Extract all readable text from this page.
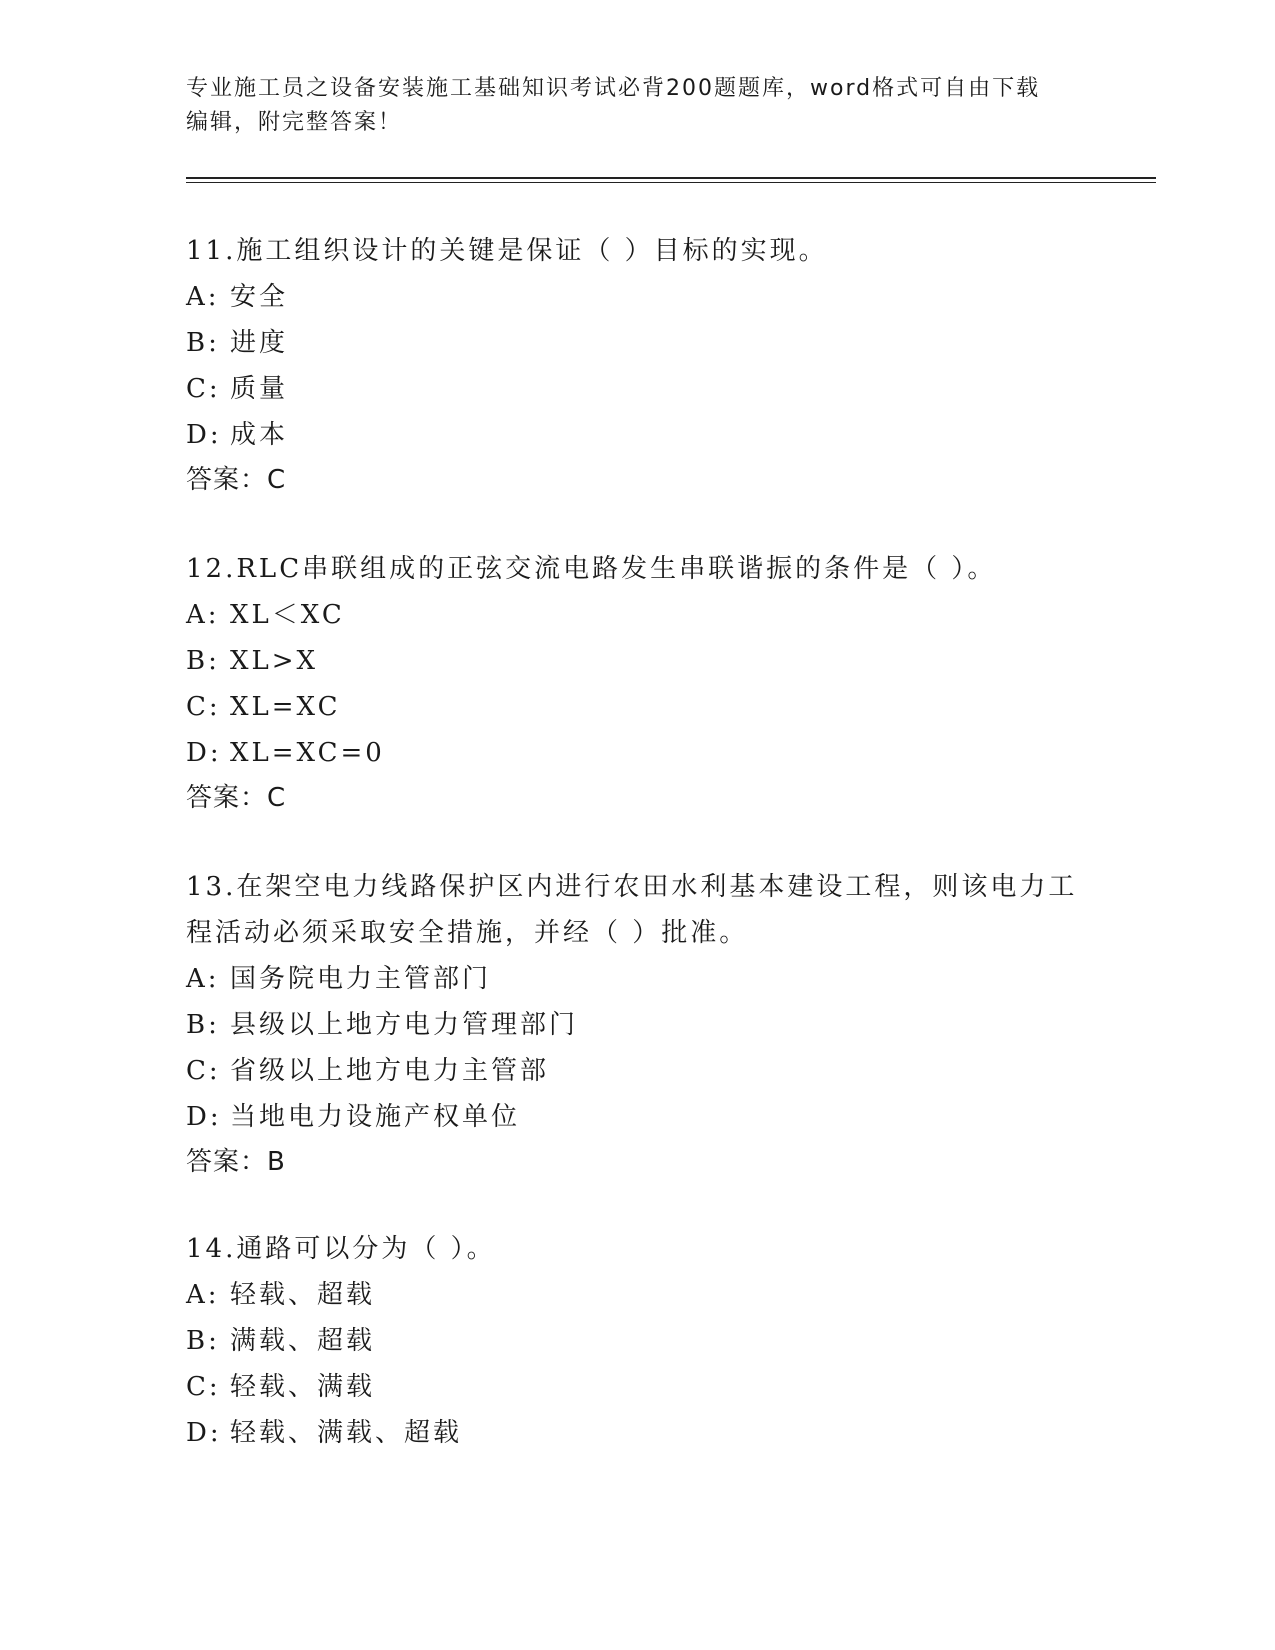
专业施工员之设备安装施工基础知识考试必背200题题库，word格式可自由下载
编辑，附完整答案！
11.施工组织设计的关键是保证（ ）目标的实现。
A: 安全
B: 进度
C: 质量
D: 成本
答案：C
12.RLC串联组成的正弦交流电路发生串联谐振的条件是（ ）。
A: XL＜XC
B: XL>X
C: XL=XC
D: XL=XC=0
答案：C
13.在架空电力线路保护区内进行农田水利基本建设工程，则该电力工
程活动必须采取安全措施，并经（ ）批准。
A: 国务院电力主管部门
B: 县级以上地方电力管理部门
C: 省级以上地方电力主管部
D: 当地电力设施产权单位
答案：B
14.通路可以分为（ ）。
A: 轻载、超载
B: 满载、超载
C: 轻载、满载
D: 轻载、满载、超载
